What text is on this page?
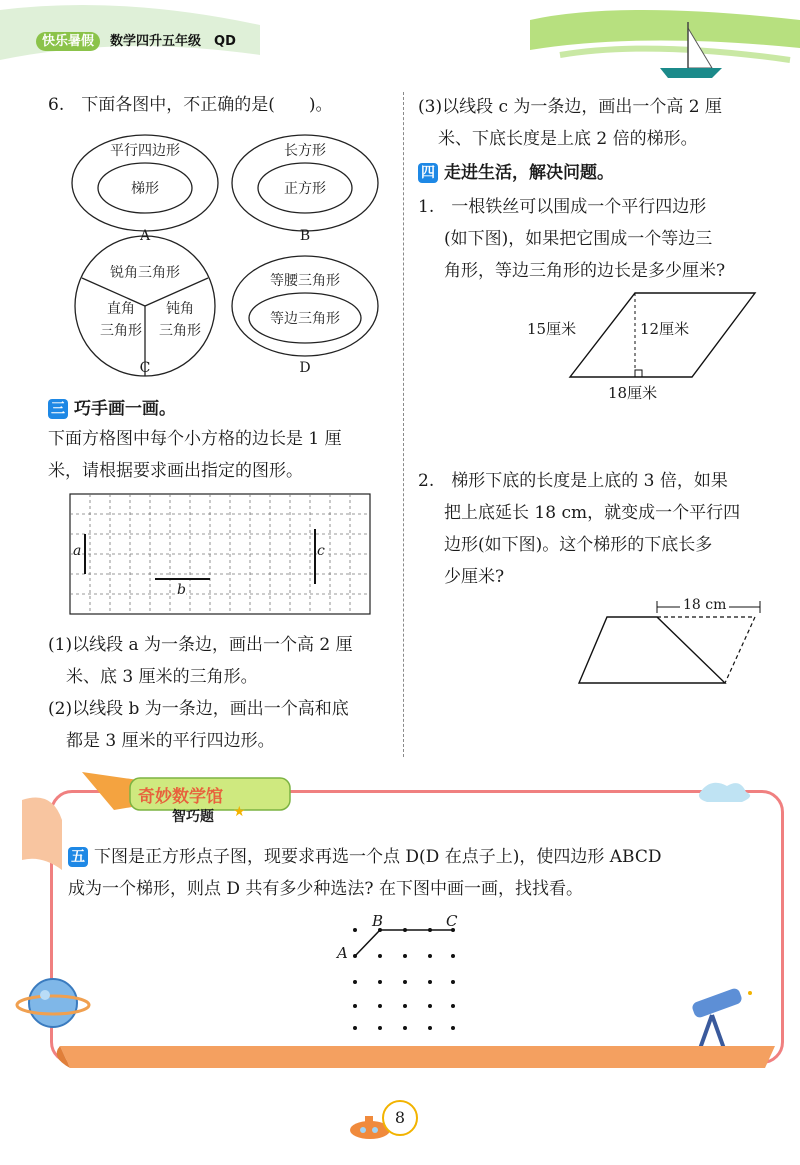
快乐暑假 数学四升五年级　QD
6.　下面各图中，不正确的是(　　)。
平行四边形
梯形
A
长方形
正方形
B
锐角三角形
直角
三角形
钝角
三角形
C
等腰三角形
等边三角形
D
三 巧手画一画。
下面方格图中每个小方格的边长是 1 厘
米，请根据要求画出指定的图形。
a
b
c
(1)以线段 a 为一条边，画出一个高 2 厘
米、底 3 厘米的三角形。
(2)以线段 b 为一条边，画出一个高和底
都是 3 厘米的平行四边形。
(3)以线段 c 为一条边，画出一个高 2 厘
米、下底长度是上底 2 倍的梯形。
四 走进生活，解决问题。
1.　一根铁丝可以围成一个平行四边形
(如下图)，如果把它围成一个等边三
角形，等边三角形的边长是多少厘米?
15厘米	12厘米
18厘米
2.　梯形下底的长度是上底的 3 倍，如果
把上底延长 18 cm，就变成一个平行四
边形(如下图)。这个梯形的下底长多
少厘米?
18 cm
奇妙数学馆
智巧题 ★
五 下图是正方形点子图，现要求再选一个点 D(D 在点子上)，使四边形 ABCD
成为一个梯形，则点 D 共有多少种选法? 在下图中画一画，找找看。
A
B	C
8
